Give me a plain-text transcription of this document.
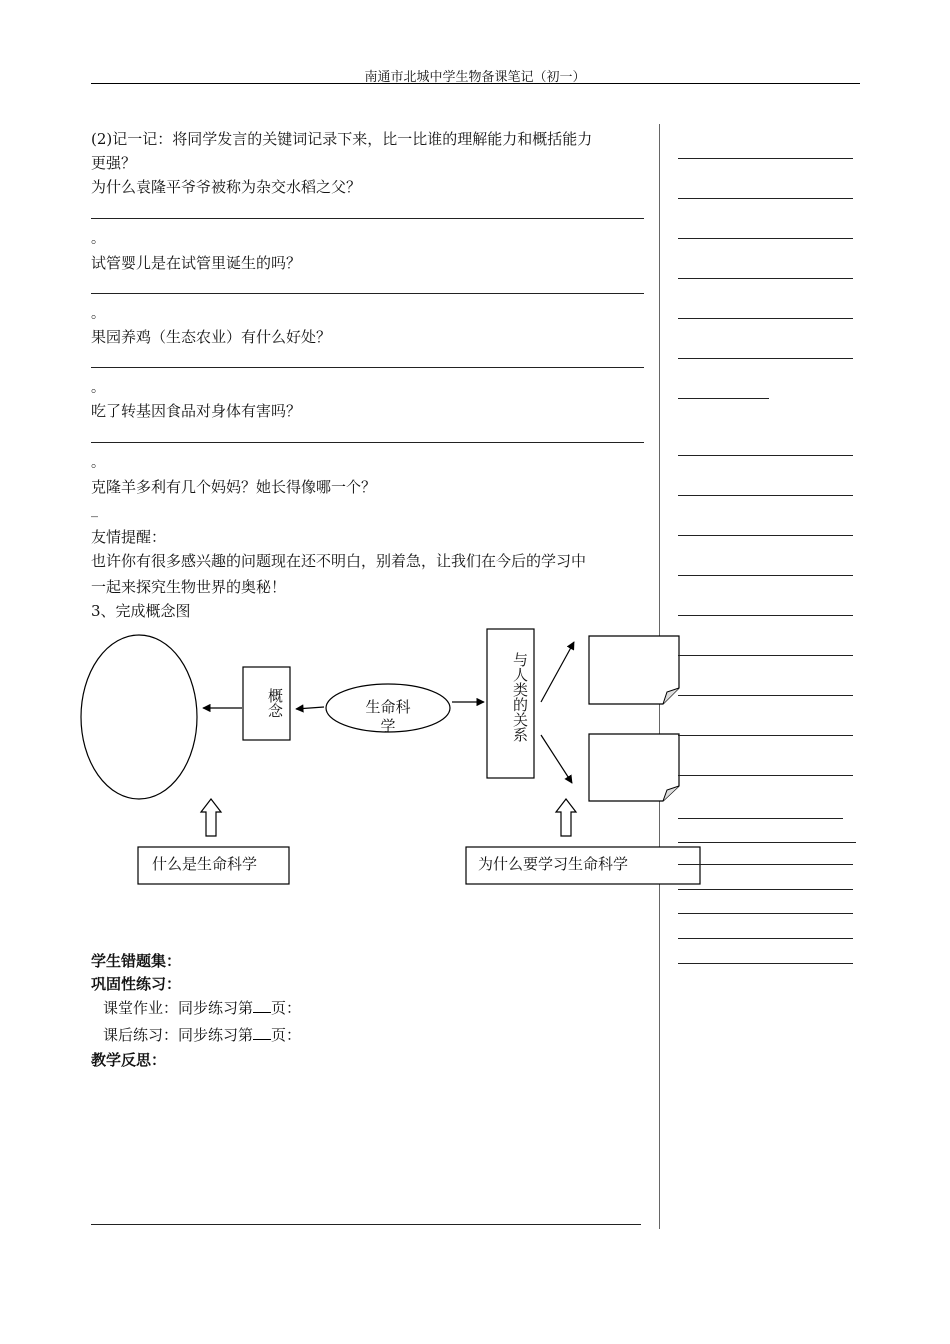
南通市北城中学生物备课笔记（初一）
(2)记一记：将同学发言的关键词记录下来，比一比谁的理解能力和概括能力
更强？
为什么袁隆平爷爷被称为杂交水稻之父？
。
试管婴儿是在试管里诞生的吗？
。
果园养鸡（生态农业）有什么好处？
。
吃了转基因食品对身体有害吗？
。
克隆羊多利有几个妈妈？她长得像哪一个？
_
友情提醒：
也许你有很多感兴趣的问题现在还不明白，别着急，让我们在今后的学习中
一起来探究生物世界的奥秘！
3、完成概念图
概念	生命科
学	与人类的关系
什么是生命科学	为什么要学习生命科学
学生错题集：
巩固性练习：
课堂作业：同步练习第 页：
课后练习：同步练习第 页：
教学反思：
